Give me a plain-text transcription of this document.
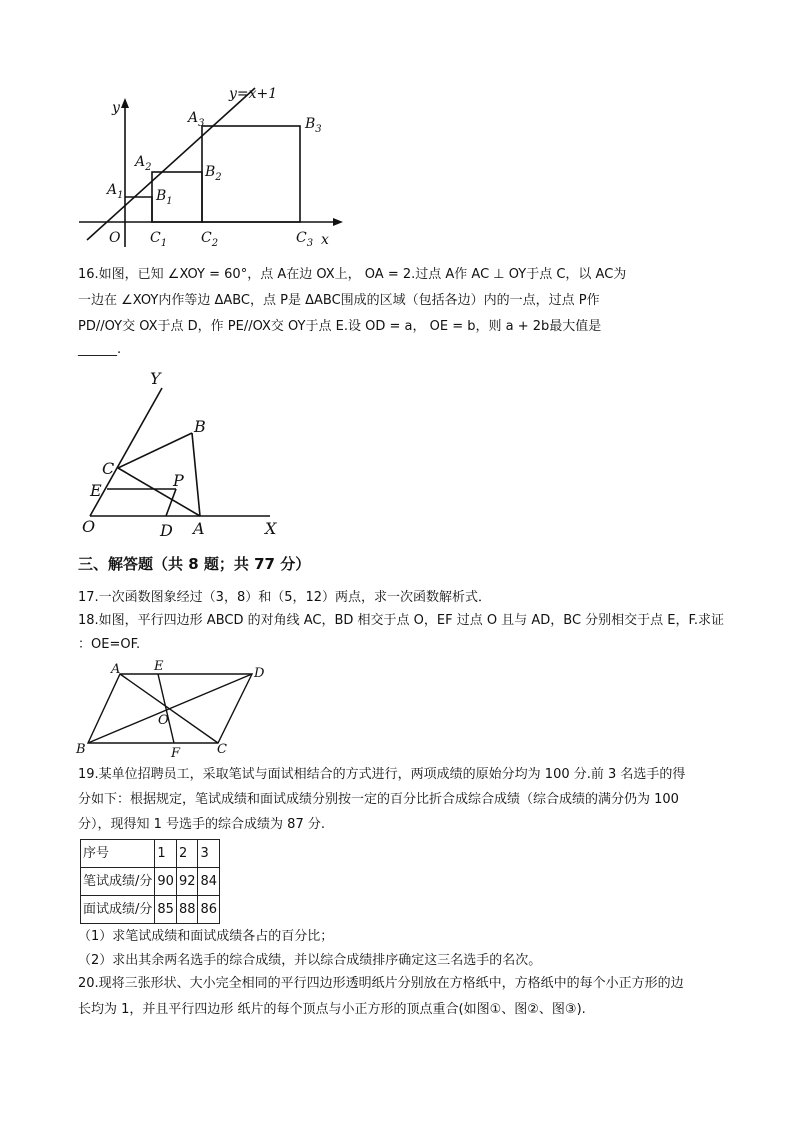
y=x+1
y
x
O
$A_3$
$A_2$
$A_1$ $B_1$
$B_2$
$B_3$
$C_1$ $C_2$	$C_3$
16.如图，已知 ∠XOY = 60°，点 A在边 OX上， OA = 2.过点 A作 AC ⊥ OY于点 C，以 AC为
一边在 ∠XOY内作等边 ΔABC，点 P是 ΔABC围成的区域（包括各边）内的一点，过点 P作
PD//OY交 OX于点 D，作 PE//OX交 OY于点 E.设 OD = a， OE = b，则 a + 2b最大值是
______.
Y
B
C
P
E
O	D A	X
三、解答题（共 8 题；共 77 分）
17.一次函数图象经过（3，8）和（5，12）两点，求一次函数解析式．
18.如图，平行四边形 ABCD 的对角线 AC，BD 相交于点 O，EF 过点 O 且与 AD，BC 分别相交于点 E，F.求证
：OE=OF.
A	E	D
O
B	F	C
19.某单位招聘员工，采取笔试与面试相结合的方式进行，两项成绩的原始分均为 100 分.前 3 名选手的得
分如下：根据规定，笔试成绩和面试成绩分别按一定的百分比折合成综合成绩（综合成绩的满分仍为 100
分），现得知 1 号选手的综合成绩为 87 分.
序号	1	2	3
笔试成绩/分	90	92	84
面试成绩/分	85	88	86
（1）求笔试成绩和面试成绩各占的百分比；
（2）求出其余两名选手的综合成绩，并以综合成绩排序确定这三名选手的名次。
20.现将三张形状、大小完全相同的平行四边形透明纸片分别放在方格纸中，方格纸中的每个小正方形的边
长均为 1，并且平行四边形 纸片的每个顶点与小正方形的顶点重合(如图①、图②、图③).
